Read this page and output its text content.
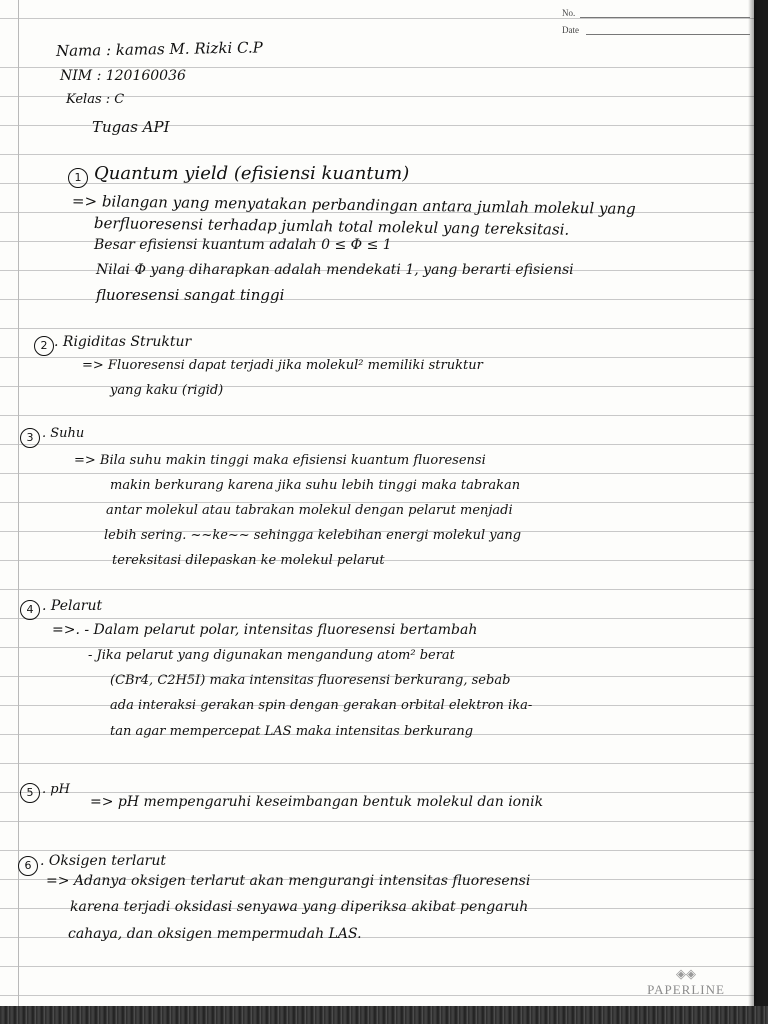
No.
Date
Nama : kamas M. Rizki C.P
NIM : 120160036
Kelas : C
Tugas API
1 Quantum yield (efisiensi kuantum)
=> bilangan yang menyatakan perbandingan antara jumlah molekul yang
berfluoresensi terhadap jumlah total molekul yang tereksitasi.
Besar efisiensi kuantum adalah 0 ≤ Φ ≤ 1
Nilai Φ yang diharapkan adalah mendekati 1, yang berarti efisiensi
fluoresensi sangat tinggi
2 . Rigiditas Struktur
=> Fluoresensi dapat terjadi jika molekul² memiliki struktur
yang kaku (rigid)
3 . Suhu
=> Bila suhu makin tinggi maka efisiensi kuantum fluoresensi
makin berkurang karena jika suhu lebih tinggi maka tabrakan
antar molekul atau tabrakan molekul dengan pelarut menjadi
lebih sering. ~~ke~~ sehingga kelebihan energi molekul yang
tereksitasi dilepaskan ke molekul pelarut
4 . Pelarut
=>. - Dalam pelarut polar, intensitas fluoresensi bertambah
- Jika pelarut yang digunakan mengandung atom² berat
(CBr4, C2H5I) maka intensitas fluoresensi berkurang, sebab
ada interaksi gerakan spin dengan gerakan orbital elektron ika-
tan agar mempercepat LAS maka intensitas berkurang
5 . pH
=> pH mempengaruhi keseimbangan bentuk molekul dan ionik
6 . Oksigen terlarut
=> Adanya oksigen terlarut akan mengurangi intensitas fluoresensi
karena terjadi oksidasi senyawa yang diperiksa akibat pengaruh
cahaya, dan oksigen mempermudah LAS.
◈◈
PAPERLINE
